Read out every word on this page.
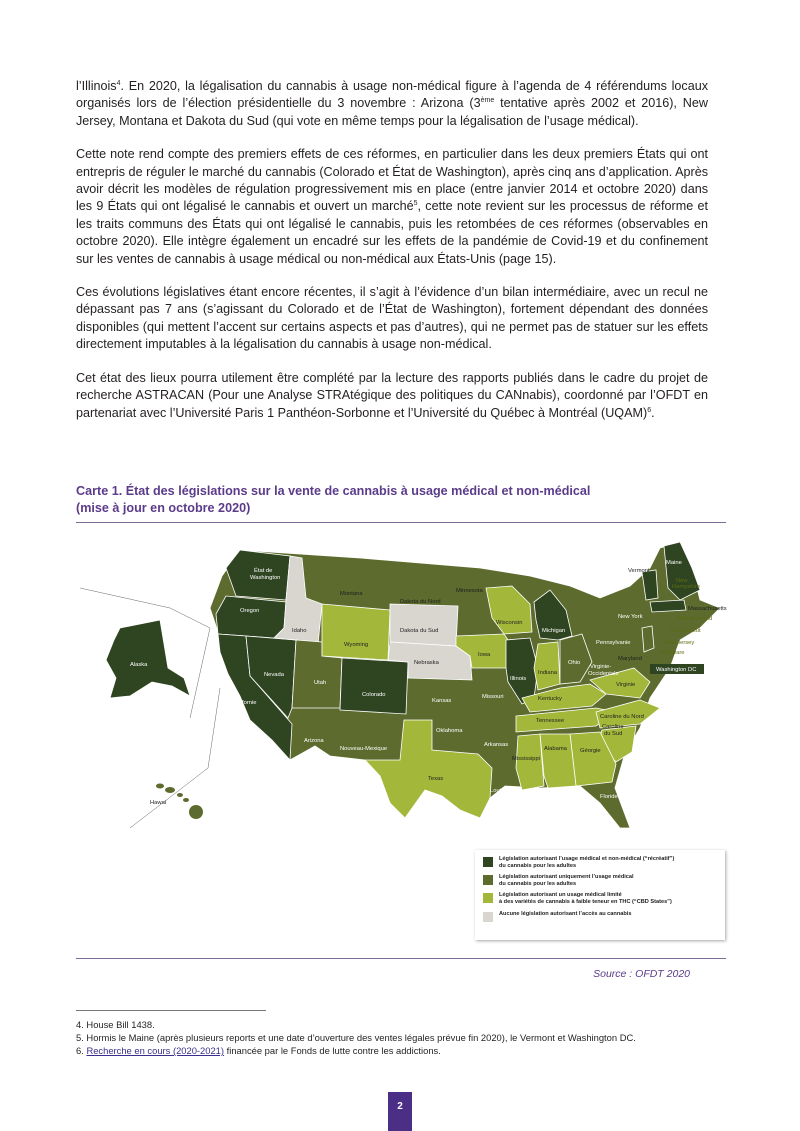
l’Illinois$^4$. En 2020, la légalisation du cannabis à usage non-médical figure à l’agenda de 4 référendums locaux organisés lors de l’élection présidentielle du 3 novembre : Arizona (3ème tentative après 2002 et 2016), New Jersey, Montana et Dakota du Sud (qui vote en même temps pour la légalisation de l’usage médical).

Cette note rend compte des premiers effets de ces réformes, en particulier dans les deux premiers États qui ont entrepris de réguler le marché du cannabis (Colorado et État de Washington), après cinq ans d’application. Après avoir décrit les modèles de régulation progressivement mis en place (entre janvier 2014 et octobre 2020) dans les 9 États qui ont légalisé le cannabis et ouvert un marché$^5$, cette note revient sur les processus de réforme et les traits communs des États qui ont légalisé le cannabis, puis les retombées de ces réformes (observables en octobre 2020). Elle intègre également un encadré sur les effets de la pandémie de Covid-19 et du confinement sur les ventes de cannabis à usage médical ou non-médical aux États-Unis (page 15).

Ces évolutions législatives étant encore récentes, il s’agit à l’évidence d’un bilan intermédiaire, avec un recul ne dépassant pas 7 ans (s’agissant du Colorado et de l’État de Washington), fortement dépendant des données disponibles (qui mettent l’accent sur certains aspects et pas d’autres), qui ne permet pas de statuer sur les effets directement imputables à la légalisation du cannabis à usage non-médical.

Cet état des lieux pourra utilement être complété par la lecture des rapports publiés dans le cadre du projet de recherche ASTRACAN (Pour une Analyse STRAtégique des politiques du CANnabis), coordonné par l’OFDT en partenariat avec l’Université Paris 1 Panthéon-Sorbonne et l’Université du Québec à Montréal (UQAM)$^6$.

Carte 1. État des législations sur la vente de cannabis à usage médical et non-médical
(mise à jour en octobre 2020)
État de
Washington
Oregon
Idaho
Montana
Wyoming
Dakota du Nord
Dakota du Sud
Nebraska
Minnesota
Iowa
Wisconsin
Michigan
Illinois
Indiana
Ohio
Pennsylvanie
New York
Vermont
Maine
New
Hampshire
Massachusetts
Rhode Island
Connecticut
New Jersey
Delaware
Maryland
Washington DC
Virginie-
Occidentale
Virginie
Kentucky
Tennessee
Caroline du Nord
Caroline
du Sud
Géorgie
Alabama
Mississippi
Floride
Louisiane
Arkansas
Missouri
Kansas
Oklahoma
Texas
Nouveau-Mexique
Arizona
Colorado
Utah
Nevada
Californie
Alaska
Hawaï
Législation autorisant l’usage médical et non-médical (“récréatif”)
du cannabis pour les adultes
Législation autorisant uniquement l’usage médical
du cannabis pour les adultes
Législation autorisant un usage médical limité
à des variétés de cannabis à faible teneur en THC (“CBD States”)
Aucune législation autorisant l’accès au cannabis
Source : OFDT 2020
4. House Bill 1438.
5. Hormis le Maine (après plusieurs reports et une date d’ouverture des ventes légales prévue fin 2020), le Vermont et Washington DC.
6. Recherche en cours (2020-2021) financée par le Fonds de lutte contre les addictions.
2
